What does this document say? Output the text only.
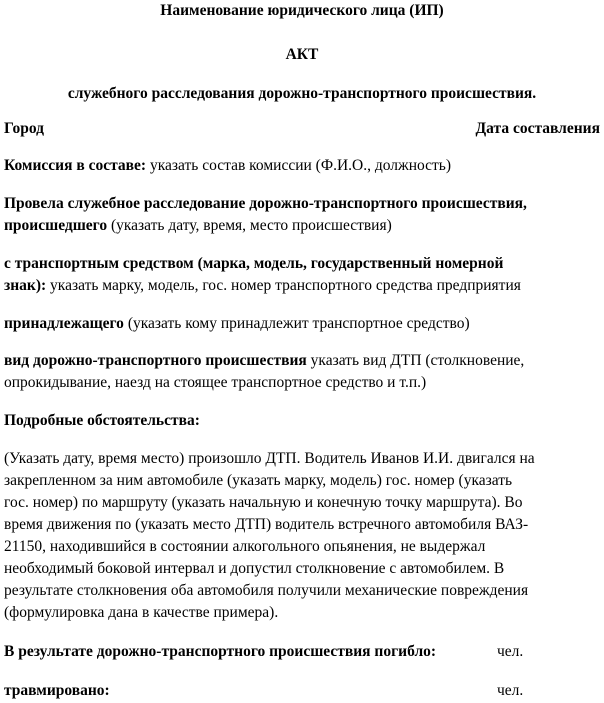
Наименование юридического лица (ИП)
АКТ
служебного расследования дорожно-транспортного происшествия.
Город	Дата составления
Комиссия в составе: указать состав комиссии (Ф.И.О., должность)
Провела служебное расследование дорожно-транспортного происшествия,
происшедшего (указать дату, время, место происшествия)
с транспортным средством (марка, модель, государственный номерной
знак): указать марку, модель, гос. номер транспортного средства предприятия
принадлежащего (указать кому принадлежит транспортное средство)
вид дорожно-транспортного происшествия указать вид ДТП (столкновение,
опрокидывание, наезд на стоящее транспортное средство и т.п.)
Подробные обстоятельства:
(Указать дату, время место) произошло ДТП. Водитель Иванов И.И. двигался на
закрепленном за ним автомобиле (указать марку, модель) гос. номер (указать
гос. номер) по маршруту (указать начальную и конечную точку маршрута). Во
время движения по (указать место ДТП) водитель встречного автомобиля ВАЗ-
21150, находившийся в состоянии алкогольного опьянения, не выдержал
необходимый боковой интервал и допустил столкновение с автомобилем. В
результате столкновения оба автомобиля получили механические повреждения
(формулировка дана в качестве примера).
В результате дорожно-транспортного происшествия погибло:	чел.
травмировано:	чел.
